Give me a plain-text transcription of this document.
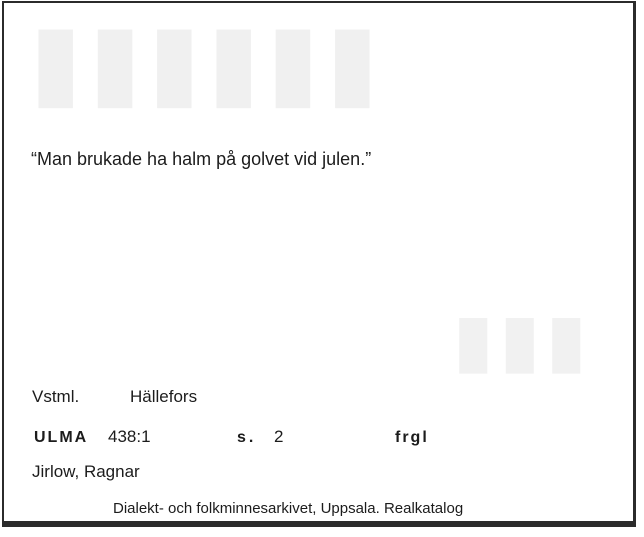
▮▮▮▮▮▮
▮▮▮
“Man brukade ha halm på golvet vid julen.”
Vstml.	Hällefors
ULMA 438:1	s. 2	frgl
Jirlow, Ragnar
Dialekt- och folkminnesarkivet, Uppsala. Realkatalog
